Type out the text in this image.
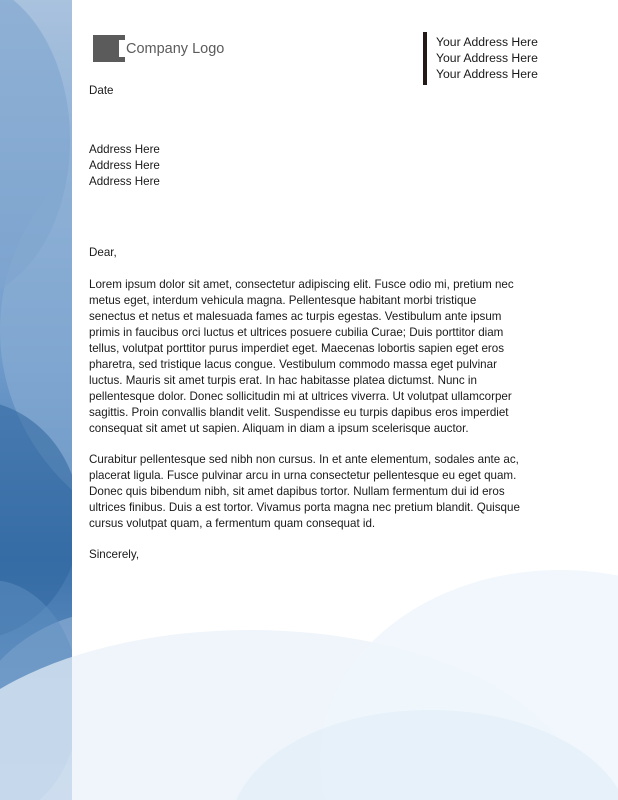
Company Logo	Your Address Here
Your Address Here
Your Address Here
Date
Address Here
Address Here
Address Here
Dear,
Lorem ipsum dolor sit amet, consectetur adipiscing elit. Fusce odio mi, pretium nec
metus eget, interdum vehicula magna. Pellentesque habitant morbi tristique
senectus et netus et malesuada fames ac turpis egestas. Vestibulum ante ipsum
primis in faucibus orci luctus et ultrices posuere cubilia Curae; Duis porttitor diam
tellus, volutpat porttitor purus imperdiet eget. Maecenas lobortis sapien eget eros
pharetra, sed tristique lacus congue. Vestibulum commodo massa eget pulvinar
luctus. Mauris sit amet turpis erat. In hac habitasse platea dictumst. Nunc in
pellentesque dolor. Donec sollicitudin mi at ultrices viverra. Ut volutpat ullamcorper
sagittis. Proin convallis blandit velit. Suspendisse eu turpis dapibus eros imperdiet
consequat sit amet ut sapien. Aliquam in diam a ipsum scelerisque auctor.
Curabitur pellentesque sed nibh non cursus. In et ante elementum, sodales ante ac,
placerat ligula. Fusce pulvinar arcu in urna consectetur pellentesque eu eget quam.
Donec quis bibendum nibh, sit amet dapibus tortor. Nullam fermentum dui id eros
ultrices finibus. Duis a est tortor. Vivamus porta magna nec pretium blandit. Quisque
cursus volutpat quam, a fermentum quam consequat id.
Sincerely,
